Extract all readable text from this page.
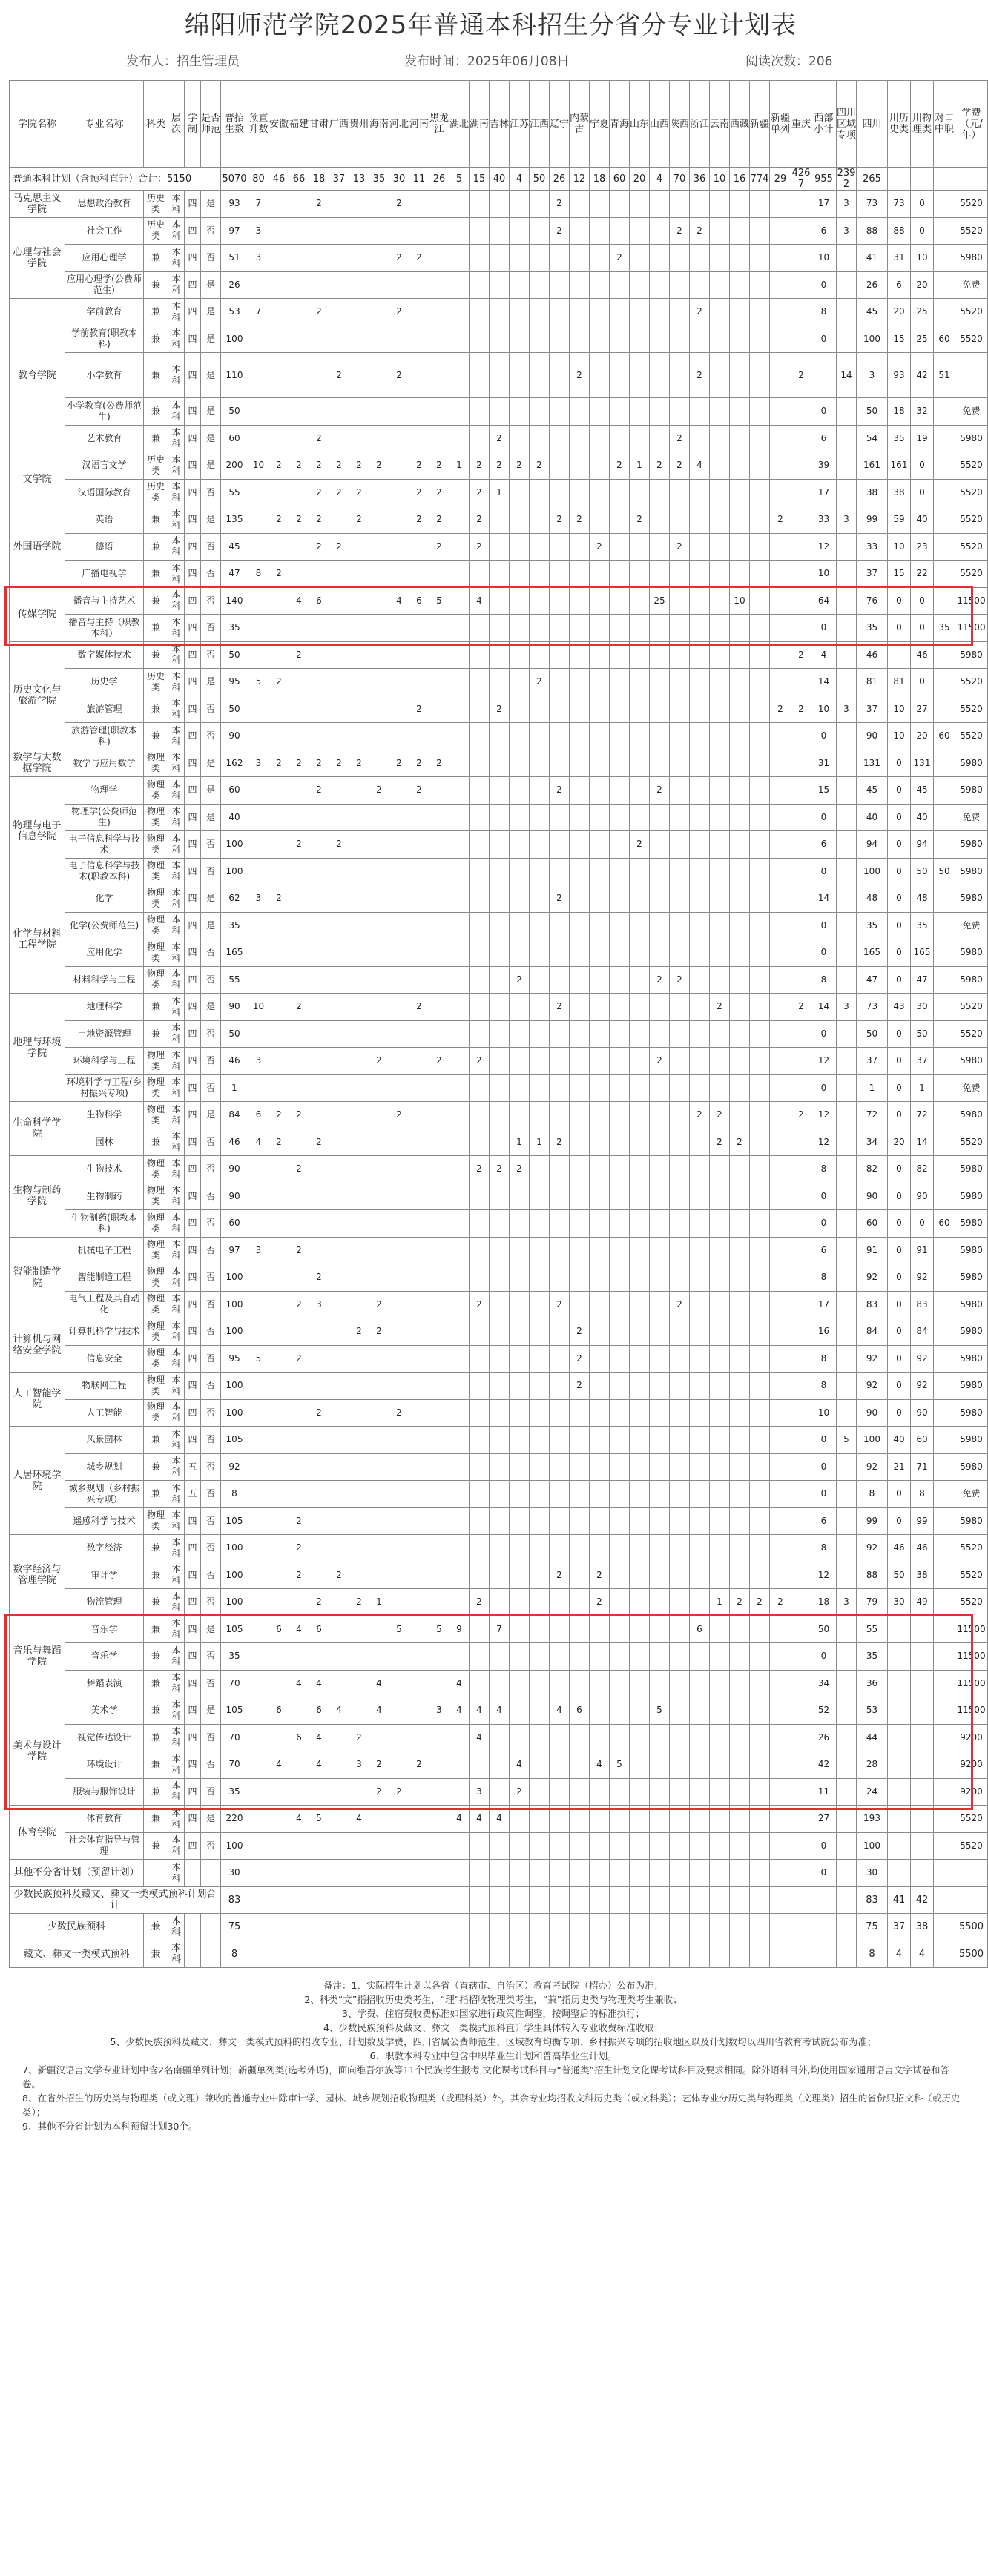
绵阳师范学院2025年普通本科招生分省分专业计划表
发布人：招生管理员	发布时间：2025年06月08日	阅读次数：206
学院名称	专业名称	科类	层次	学制	是否师范	普招生数	预直升数	安徽	福建	甘肃	广西	贵州	海南	河北	河南	黑龙江	湖北	湖南	吉林	江苏	江西	辽宁	内蒙古	宁夏	青海	山东	山西	陕西	浙江	云南	西藏	新疆	新疆单列	重庆	西部小计	四川区域专项	四川	川历史类	川物理类	对口中职	学费（元/年）	
普通本科计划（含预科直升）合计：5150						5070	80	46	66	18	37	13	35	30	11	26	5	15	40	4	50	26	12	18	60	20	4	70	36	10	16	774	29	4267	955	2392	265					
马克思主义学院	思想政治教育	历史类	本科	四	是	93	7			2				2								2													17	3	73	73	0		5520	
心理与社会学院	社会工作	历史类	本科	四	否	97	3															2						2	2						6	3	88	88	0		5520	
	应用心理学	兼	本科	四	否	51	3							2	2										2										10		41	31	10		5980	
	应用心理学(公费师范生)	兼	本科	四	是	26																													0		26	6	20		免费	
教育学院	学前教育	兼	本科	四	是	53	7			2				2															2						8		45	20	25		5520	
	学前教育(职教本科)	兼	本科	四	是	100																													0		100	15	25	60	5520	
	小学教育	兼	本科	四	是	110					2			2									2						2					2		14	3	93	42	51		
	小学教育(公费师范生)	兼	本科	四	是	50																													0		50	18	32		免费	
	艺术教育	兼	本科	四	是	60				2									2									2							6		54	35	19		5980	
文学院	汉语言文学	历史类	本科	四	是	200	10	2	2	2	2	2	2		2	2	1	2	2	2	2				2	1	2	2	4						39		161	161	0		5520	
	汉语国际教育	历史类	本科	四	否	55				2	2	2			2	2		2	1																17		38	38	0		5520	
外国语学院	英语	兼	本科	四	是	135		2	2	2		2			2	2		2				2	2			2							2		33	3	99	59	40		5520	
	德语	兼	本科	四	否	45				2	2					2		2						2				2							12		33	10	23		5520	
	广播电视学	兼	本科	四	否	47	8	2																											10		37	15	22		5520	
传媒学院	播音与主持艺术	兼	本科	四	否	140			4	6				4	6	5		4									25				10				64		76	0	0		11500	
	播音与主持（职教本科）	兼	本科	四	否	35																													0		35	0	0	35	11500	
历史文化与旅游学院	数字媒体技术	兼	本科	四	否	50			2																									2	4		46		46		5980	
	历史学	历史类	本科	四	是	95	5	2													2														14		81	81	0		5520	
	旅游管理	兼	本科	四	否	50									2				2														2	2	10	3	37	10	27		5520	
	旅游管理(职教本科)	兼	本科	四	否	90																													0		90	10	20	60	5520	
数学与大数据学院	数学与应用数学	物理类	本科	四	是	162	3	2	2	2	2	2		2	2	2																			31		131	0	131		5980	
物理与电子信息学院	物理学	物理类	本科	四	是	60				2			2		2							2					2								15		45	0	45		5980	
	物理学(公费师范生)	物理类	本科	四	是	40																													0		40	0	40		免费	
	电子信息科学与技术	物理类	本科	四	否	100			2		2															2									6		94	0	94		5980	
	电子信息科学与技术(职教本科)	物理类	本科	四	否	100																													0		100	0	50	50	5980	
化学与材料工程学院	化学	物理类	本科	四	是	62	3	2														2													14		48	0	48		5980	
	化学(公费师范生)	物理类	本科	四	是	35																													0		35	0	35		免费	
	应用化学	物理类	本科	四	否	165																													0		165	0	165		5980	
	材料科学与工程	物理类	本科	四	否	55														2							2	2							8		47	0	47		5980	
地理与环境学院	地理科学	兼	本科	四	是	90	10		2						2							2								2				2	14	3	73	43	30		5520	
	土地资源管理	兼	本科	四	否	50																													0		50	0	50		5520	
	环境科学与工程	物理类	本科	四	否	46	3						2			2		2									2								12		37	0	37		5980	
	环境科学与工程(乡村振兴专项)	物理类	本科	四	否	1																													0		1	0	1		免费	
生命科学学院	生物科学	物理类	本科	四	是	84	6	2	2					2															2	2				2	12		72	0	72		5980	
	园林	兼	本科	四	否	46	4	2		2										1	1	2								2	2				12		34	20	14		5520	
生物与制药学院	生物技术	物理类	本科	四	否	90			2									2	2	2															8		82	0	82		5980	
	生物制药	物理类	本科	四	否	90																													0		90	0	90		5980	
	生物制药(职教本科)	物理类	本科	四	否	60																													0		60	0	0	60	5980	
智能制造学院	机械电子工程	物理类	本科	四	否	97	3		2																										6		91	0	91		5980	
	智能制造工程	物理类	本科	四	否	100				2																									8		92	0	92		5980	
	电气工程及其自动化	物理类	本科	四	否	100			2	3			2					2				2						2							17		83	0	83		5980	
计算机与网络安全学院	计算机科学与技术	物理类	本科	四	否	100						2	2										2												16		84	0	84		5980	
	信息安全	物理类	本科	四	否	95	5		2														2												8		92	0	92		5980	
人工智能学院	物联网工程	物理类	本科	四	否	100																	2												8		92	0	92		5980	
	人工智能	物理类	本科	四	否	100				2				2																					10		90	0	90		5980	
人居环境学院	风景园林	兼	本科	四	否	105																													0	5	100	40	60		5980	
	城乡规划	兼	本科	五	否	92																													0		92	21	71		5980	
	城乡规划（乡村振兴专项）	兼	本科	五	否	8																													0		8	0	8		免费	
	遥感科学与技术	物理类	本科	四	否	105			2																										6		99	0	99		5980	
数字经济与管理学院	数字经济	兼	本科	四	否	100			2																										8		92	46	46		5520	
	审计学	兼	本科	四	否	100			2		2											2		2											12		88	50	38		5520	
	物流管理	兼	本科	四	否	100				2		2	1					2						2						1	2	2	2		18	3	79	30	49		5520	
音乐与舞蹈学院	音乐学	兼	本科	四	是	105		6	4	6				5		5	9		7										6						50		55				11500	
	音乐学	兼	本科	四	否	35																													0		35				11500	
	舞蹈表演	兼	本科	四	否	70			4	4			4				4																		34		36				11500	
美术与设计学院	美术学	兼	本科	四	是	105		6		6	4		4			3	4	4	4			4	6				5								52		53				11500	
	视觉传达设计	兼	本科	四	否	70			6	4		2						4																	26		44				9200	
	环境设计	兼	本科	四	否	70		4		4		3	2		2					4				4	5										42		28				9200	
	服装与服饰设计	兼	本科	四	否	35							2	2				3		2															11		24				9200	
体育学院	体育教育	兼	本科	四	是	220			4	5		4					4	4	4																27		193				5520	
	社会体育指导与管理	兼	本科	四	否	100																													0		100				5520	
其他不分省计划（预留计划）			本科			30																													0		30					
少数民族预科及藏文、彝文一类模式预科计划合计						83																															83	41	42			
少数民族预科		兼	本科			75																															75	37	38		5500	
藏文、彝文一类模式预科		兼	本科			8																															8	4	4		5500	
备注：1、实际招生计划以各省（直辖市、自治区）教育考试院（招办）公布为准；
2、科类“文”指招收历史类考生，“理”指招收物理类考生，“兼”指历史类与物理类考生兼收；
3、学费、住宿费收费标准如国家进行政策性调整，按调整后的标准执行；
4、少数民族预科及藏文、彝文一类模式预科直升学生具体转入专业收费标准收取；
5、少数民族预科及藏文、彝文一类模式预科的招收专业、计划数及学费，四川省属公费师范生、区域教育均衡专项、乡村振兴专项的招收地区以及计划数均以四川省教育考试院公布为准；
6、职教本科专业中包含中职毕业生计划和普高毕业生计划。
7、新疆汉语言文学专业计划中含2名南疆单列计划；新疆单列类(选考外语)，面向维吾尔族等11个民族考生报考,文化课考试科目与“普通类”招生计划文化课考试科目及要求相同。除外语科目外,均使用国家通用语言文字试卷和答卷。
8、在省外招生的历史类与物理类（或文理）兼收的普通专业中除审计学、园林、城乡规划招收物理类（或理科类）外，其余专业均招收文科历史类（或文科类）；艺体专业分历史类与物理类（文理类）招生的省份只招文科（或历史类）；
9、其他不分省计划为本科预留计划30个。
